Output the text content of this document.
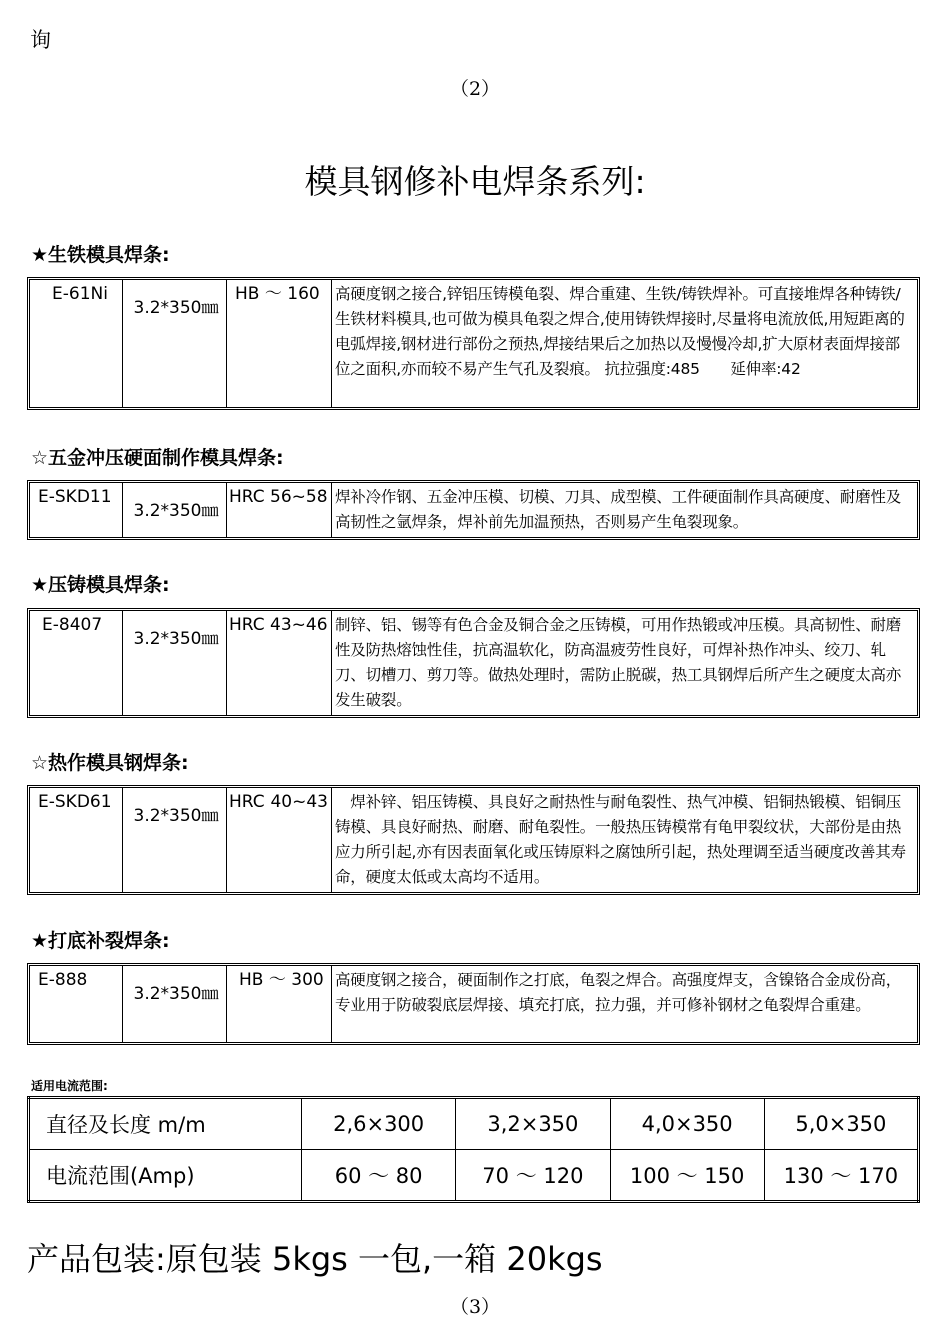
询
（2）
模具钢修补电焊条系列:
★生铁模具焊条:
E-61Ni	3.2*350㎜	HB ～ 160	高硬度钢之接合,锌铝压铸模龟裂、焊合重建、生铁/铸铁焊补。可直接堆焊各种铸铁/生铁材料模具,也可做为模具龟裂之焊合,使用铸铁焊接时,尽量将电流放低,用短距离的电弧焊接,钢材进行部份之预热,焊接结果后之加热以及慢慢冷却,扩大原材表面焊接部位之面积,亦而较不易产生气孔及裂痕。 抗拉强度:485　　延伸率:42
☆五金冲压硬面制作模具焊条:
E-SKD11	3.2*350㎜	HRC 56~58	焊补冷作钢、五金冲压模、切模、刀具、成型模、工件硬面制作具高硬度、耐磨性及高韧性之氩焊条，焊补前先加温预热，否则易产生龟裂现象。
★压铸模具焊条:
E-8407	3.2*350㎜	HRC 43~46	制锌、铝、锡等有色合金及铜合金之压铸模，可用作热锻或冲压模。具高韧性、耐磨性及防热熔蚀性佳，抗高温软化，防高温疲劳性良好，可焊补热作冲头、绞刀、轧刀、切槽刀、剪刀等。做热处理时，需防止脱碳，热工具钢焊后所产生之硬度太高亦发生破裂。
☆热作模具钢焊条:
E-SKD61	3.2*350㎜	HRC 40~43	　焊补锌、铝压铸模、具良好之耐热性与耐龟裂性、热气冲模、铝铜热锻模、铝铜压铸模、具良好耐热、耐磨、耐龟裂性。一般热压铸模常有龟甲裂纹状，大部份是由热应力所引起,亦有因表面氧化或压铸原料之腐蚀所引起，热处理调至适当硬度改善其寿命，硬度太低或太高均不适用。
★打底补裂焊条:
E-888	3.2*350㎜	HB ～ 300	高硬度钢之接合，硬面制作之打底，龟裂之焊合。高强度焊支，含镍铬合金成份高，专业用于防破裂底层焊接、填充打底，拉力强，并可修补钢材之龟裂焊合重建。
适用电流范围:
直径及长度 m/m	2,6×300	3,2×350	4,0×350	5,0×350
电流范围(Amp)	60 ～ 80	70 ～ 120	100 ～ 150	130 ～ 170
产品包装:原包装 5kgs 一包,一箱 20kgs
（3）
